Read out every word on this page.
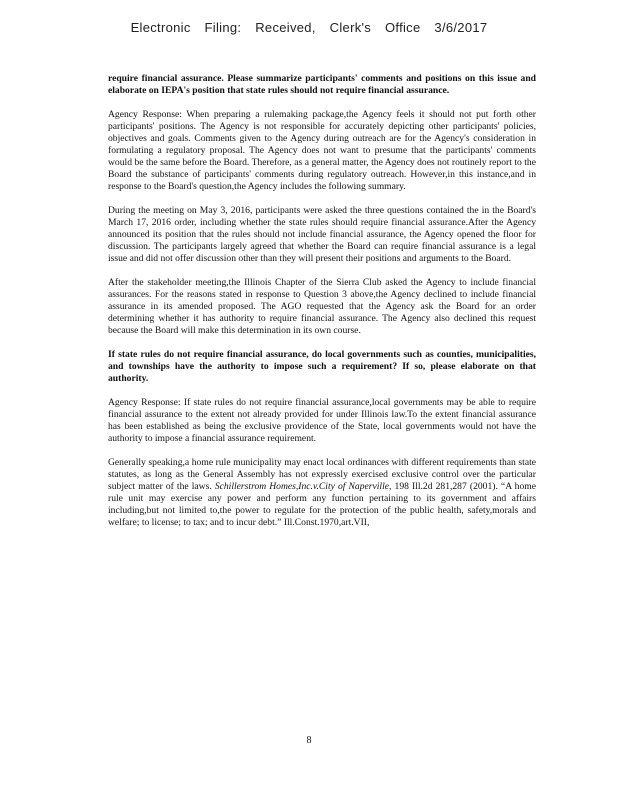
Electronic Filing: Received, Clerk's Office 3/6/2017

require financial assurance. Please summarize participants' comments and positions on this issue and elaborate on IEPA's position that state rules should not require financial assurance.

Agency Response: When preparing a rulemaking package,the Agency feels it should not put forth other participants' positions. The Agency is not responsible for accurately depicting other participants' policies, objectives and goals. Comments given to the Agency during outreach are for the Agency's consideration in formulating a regulatory proposal. The Agency does not want to presume that the participants' comments would be the same before the Board. Therefore, as a general matter, the Agency does not routinely report to the Board the substance of participants' comments during regulatory outreach. However,in this instance,and in response to the Board's question,the Agency includes the following summary.

During the meeting on May 3, 2016, participants were asked the three questions contained the in the Board's March 17, 2016 order, including whether the state rules should require financial assurance.After the Agency announced its position that the rules should not include financial assurance, the Agency opened the floor for discussion. The participants largely agreed that whether the Board can require financial assurance is a legal issue and did not offer discussion other than they will present their positions and arguments to the Board.

After the stakeholder meeting,the Illinois Chapter of the Sierra Club asked the Agency to include financial assurances. For the reasons stated in response to Question 3 above,the Agency declined to include financial assurance in its amended proposed. The AGO requested that the Agency ask the Board for an order determining whether it has authority to require financial assurance. The Agency also declined this request because the Board will make this determination in its own course.

If state rules do not require financial assurance, do local governments such as counties, municipalities, and townships have the authority to impose such a requirement? If so, please elaborate on that authority.

Agency Response: If state rules do not require financial assurance,local governments may be able to require financial assurance to the extent not already provided for under Illinois law.To the extent financial assurance has been established as being the exclusive providence of the State, local governments would not have the authority to impose a financial assurance requirement.

Generally speaking,a home rule municipality may enact local ordinances with different requirements than state statutes, as long as the General Assembly has not expressly exercised exclusive control over the particular subject matter of the laws. Schillerstrom Homes,Inc.v.City of Naperville, 198 Ill.2d 281,287 (2001). “A home rule unit may exercise any power and perform any function pertaining to its government and affairs including,but not limited to,the power to regulate for the protection of the public health, safety,morals and welfare; to license; to tax; and to incur debt.” Ill.Const.1970,art.VII,

8
